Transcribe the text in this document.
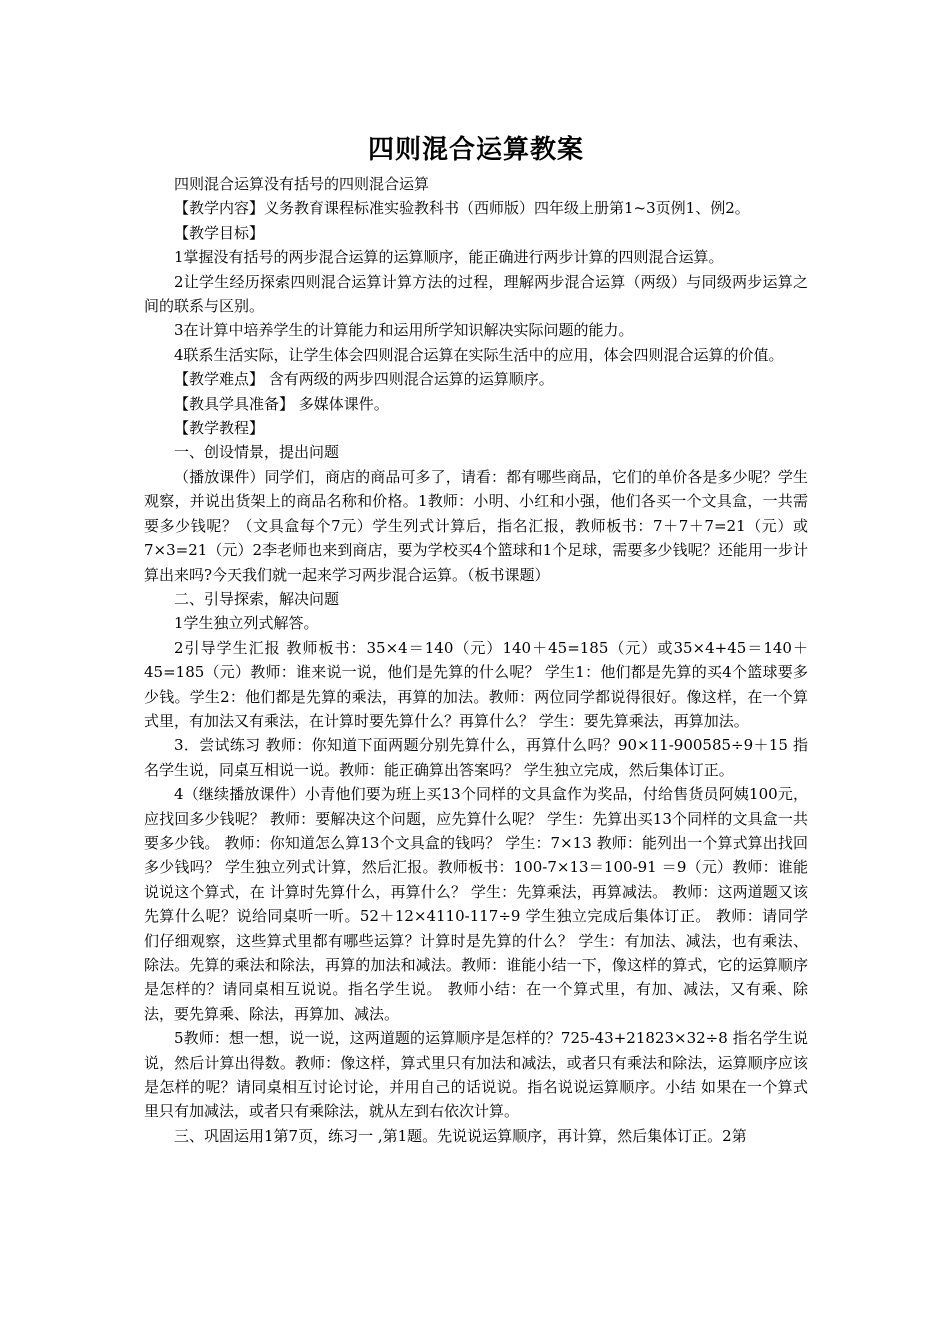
四则混合运算教案

四则混合运算没有括号的四则混合运算

【教学内容】义务教育课程标准实验教科书（西师版）四年级上册第1~3页例1、例2。

【教学目标】

1掌握没有括号的两步混合运算的运算顺序，能正确进行两步计算的四则混合运算。

2让学生经历探索四则混合运算计算方法的过程，理解两步混合运算（两级）与同级两步运算之间的联系与区别。

3在计算中培养学生的计算能力和运用所学知识解决实际问题的能力。

4联系生活实际，让学生体会四则混合运算在实际生活中的应用，体会四则混合运算的价值。

【教学难点】 含有两级的两步四则混合运算的运算顺序。

【教具学具准备】 多媒体课件。

【教学教程】

一、创设情景，提出问题

（播放课件）同学们，商店的商品可多了，请看：都有哪些商品，它们的单价各是多少呢？学生观察，并说出货架上的商品名称和价格。1教师：小明、小红和小强，他们各买一个文具盒，一共需要多少钱呢？（文具盒每个7元）学生列式计算后，指名汇报，教师板书：7＋7＋7=21（元）或7×3=21（元）2李老师也来到商店，要为学校买4个篮球和1个足球，需要多少钱呢？还能用一步计算出来吗?今天我们就一起来学习两步混合运算。（板书课题）

二、引导探索，解决问题

1学生独立列式解答。

2引导学生汇报 教师板书：35×4＝140（元）140＋45=185（元）或35×4+45＝140＋45=185（元）教师：谁来说一说，他们是先算的什么呢？ 学生1：他们都是先算的买4个篮球要多少钱。学生2：他们都是先算的乘法，再算的加法。教师：两位同学都说得很好。像这样，在一个算式里，有加法又有乘法，在计算时要先算什么？再算什么？ 学生：要先算乘法，再算加法。

3．尝试练习 教师：你知道下面两题分别先算什么，再算什么吗？90×11-900585÷9＋15 指名学生说，同桌互相说一说。教师：能正确算出答案吗？ 学生独立完成，然后集体订正。

4（继续播放课件）小青他们要为班上买13个同样的文具盒作为奖品，付给售货员阿姨100元，应找回多少钱呢？ 教师：要解决这个问题，应先算什么呢？ 学生：先算出买13个同样的文具盒一共要多少钱。 教师：你知道怎么算13个文具盒的钱吗？ 学生：7×13 教师：能列出一个算式算出找回多少钱吗？ 学生独立列式计算，然后汇报。教师板书：100-7×13＝100-91 ＝9（元）教师：谁能说说这个算式，在 计算时先算什么，再算什么？ 学生：先算乘法，再算减法。 教师：这两道题又该先算什么呢？说给同桌听一听。52＋12×4110-117÷9 学生独立完成后集体订正。 教师：请同学们仔细观察，这些算式里都有哪些运算？计算时是先算的什么？ 学生：有加法、减法，也有乘法、除法。先算的乘法和除法，再算的加法和减法。教师：谁能小结一下，像这样的算式，它的运算顺序是怎样的？请同桌相互说说。指名学生说。 教师小结：在一个算式里，有加、减法，又有乘、除法，要先算乘、除法，再算加、减法。

5教师：想一想，说一说，这两道题的运算顺序是怎样的？725-43+21823×32÷8 指名学生说说，然后计算出得数。教师：像这样，算式里只有加法和减法，或者只有乘法和除法，运算顺序应该是怎样的呢？请同桌相互讨论讨论，并用自己的话说说。指名说说运算顺序。小结 如果在一个算式里只有加减法，或者只有乘除法，就从左到右依次计算。

三、巩固运用1第7页，练习一 ,第1题。先说说运算顺序，再计算，然后集体订正。2第
